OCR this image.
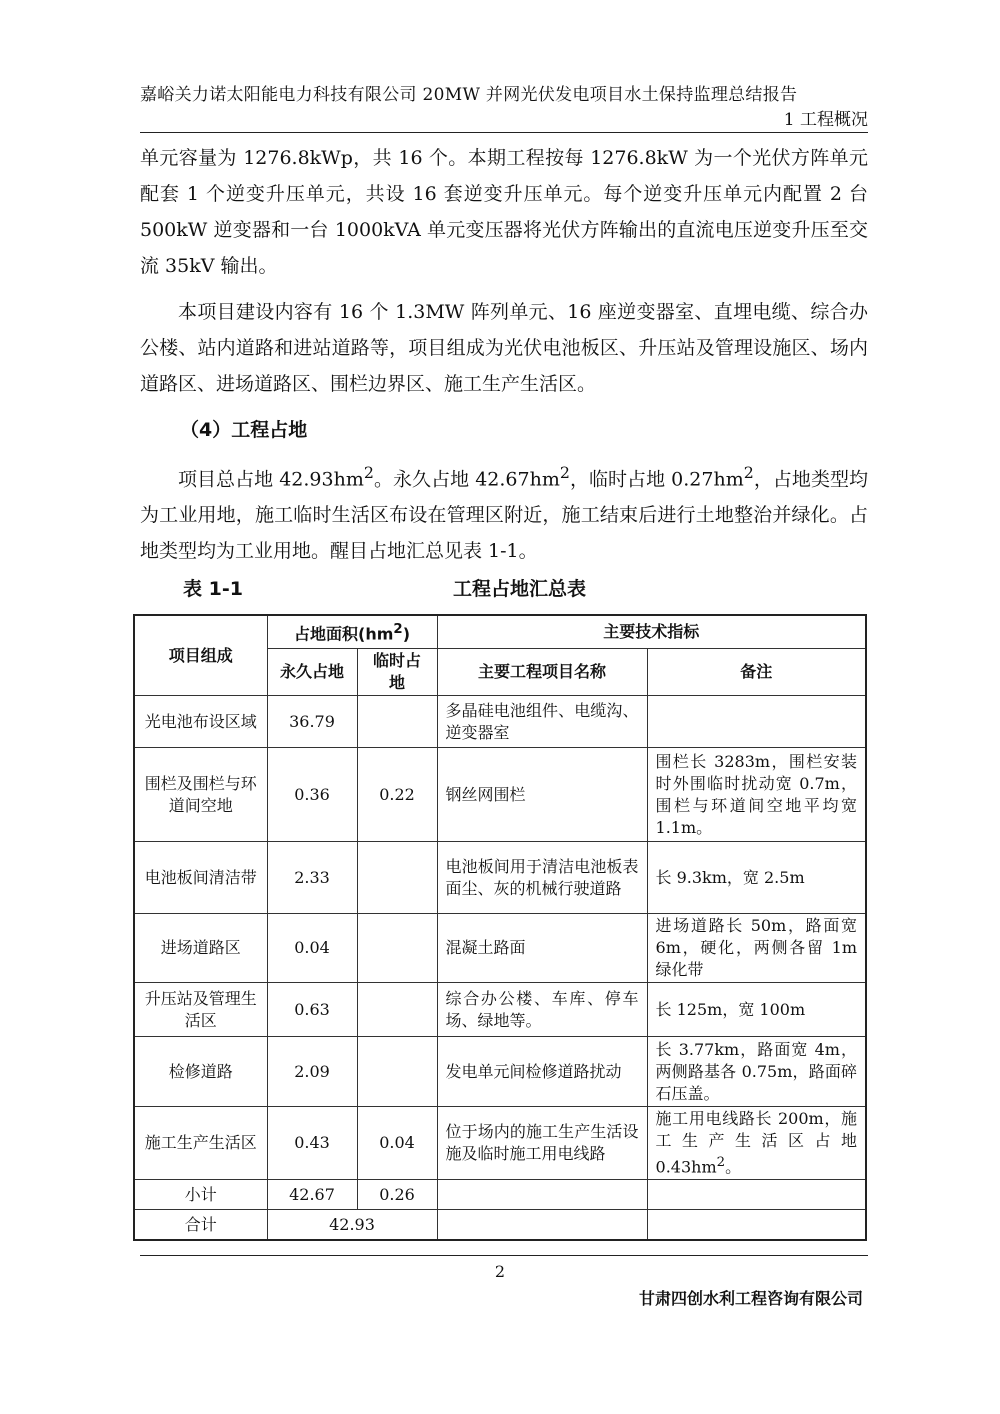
嘉峪关力诺太阳能电力科技有限公司 20MW 并网光伏发电项目水土保持监理总结报告
1 工程概况

单元容量为 1276.8kWp，共 16 个。本期工程按每 1276.8kW 为一个光伏方阵单元配套 1 个逆变升压单元，共设 16 套逆变升压单元。每个逆变升压单元内配置 2 台 500kW 逆变器和一台 1000kVA 单元变压器将光伏方阵输出的直流电压逆变升压至交流 35kV 输出。

本项目建设内容有 16 个 1.3MW 阵列单元、16 座逆变器室、直埋电缆、综合办公楼、站内道路和进站道路等，项目组成为光伏电池板区、升压站及管理设施区、场内道路区、进场道路区、围栏边界区、施工生产生活区。

（4）工程占地

项目总占地 $42.93hm^2$。永久占地 $42.67hm^2$，临时占地 $0.27hm^2$，占地类型均为工业用地，施工临时生活区布设在管理区附近，施工结束后进行土地整治并绿化。占地类型均为工业用地。醒目占地汇总见表 1-1。

表 1-1	工程占地汇总表
项目组成	占地面积$(hm^2)$		主要技术指标	
	永久占地	临时占地	主要工程项目名称	备注
光电池布设区域	36.79		多晶硅电池组件、电缆沟、逆变器室	
围栏及围栏与环道间空地	0.36	0.22	钢丝网围栏	围栏长 3283m，围栏安装时外围临时扰动宽 0.7m，围栏与环道间空地平均宽 1.1m。
电池板间清洁带	2.33		电池板间用于清洁电池板表面尘、灰的机械行驶道路	长 9.3km，宽 2.5m
进场道路区	0.04		混凝土路面	进场道路长 50m，路面宽 6m，硬化，两侧各留 1m 绿化带
升压站及管理生活区	0.63		综合办公楼、车库、停车场、绿地等。	长 125m，宽 100m
检修道路	2.09		发电单元间检修道路扰动	长 3.77km，路面宽 4m，两侧路基各 0.75m，路面碎石压盖。
施工生产生活区	0.43	0.04	位于场内的施工生产生活设施及临时施工用电线路	施工用电线路长 200m，施工生产生活区占地 $0.43hm^2$。
小计	42.67	0.26		
合计	42.93			
2
甘肃四创水利工程咨询有限公司
